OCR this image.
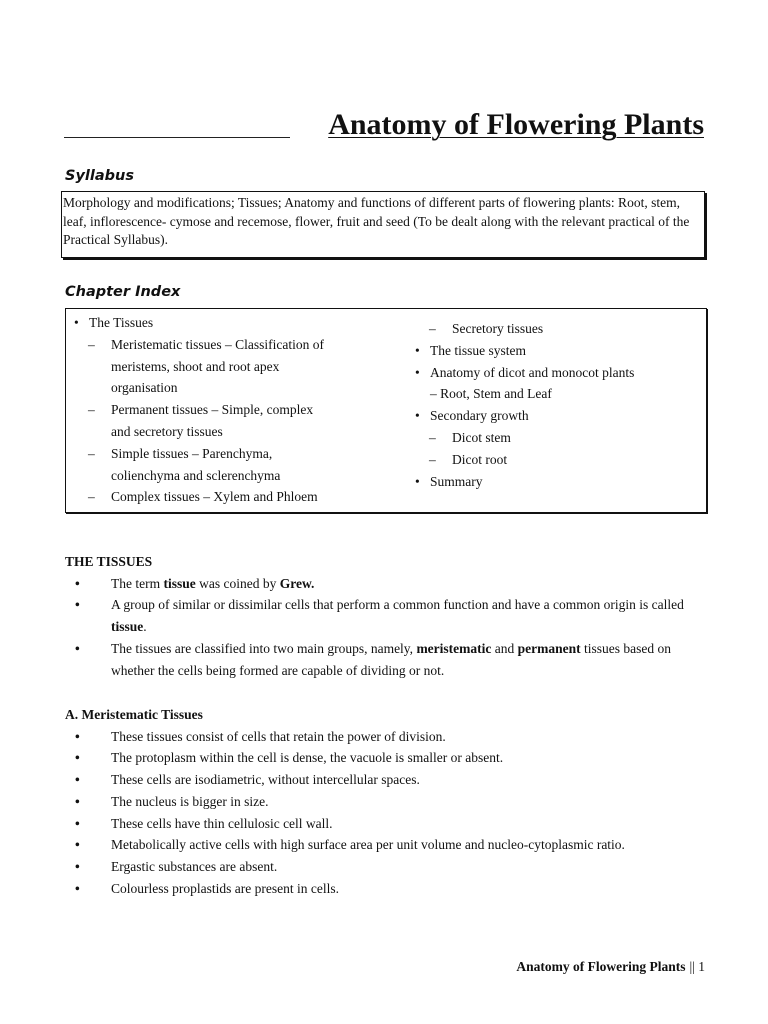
Anatomy of Flowering Plants
Syllabus
Morphology and modifications; Tissues; Anatomy and functions of different parts of flowering plants: Root, stem, leaf, inflorescence- cymose and recemose, flower, fruit and seed (To be dealt along with the relevant practical of the Practical Syllabus).
Chapter Index
• The Tissues
– Meristematic tissues – Classification of
meristems, shoot and root apex
organisation
– Permanent tissues – Simple, complex
and secretory tissues
– Simple tissues – Parenchyma,
colienchyma and sclerenchyma
– Complex tissues – Xylem and Phloem
– Secretory tissues
• The tissue system
• Anatomy of dicot and monocot plants
– Root, Stem and Leaf
• Secondary growth
– Dicot stem
– Dicot root
• Summary
THE TISSUES
• The term tissue was coined by Grew.
• A group of similar or dissimilar cells that perform a common function and have a common origin is called tissue.
• The tissues are classified into two main groups, namely, meristematic and permanent tissues based on whether the cells being formed are capable of dividing or not.
A. Meristematic Tissues
• These tissues consist of cells that retain the power of division.
• The protoplasm within the cell is dense, the vacuole is smaller or absent.
• These cells are isodiametric, without intercellular spaces.
• The nucleus is bigger in size.
• These cells have thin cellulosic cell wall.
• Metabolically active cells with high surface area per unit volume and nucleo-cytoplasmic ratio.
• Ergastic substances are absent.
• Colourless proplastids are present in cells.
Anatomy of Flowering Plants || 1
